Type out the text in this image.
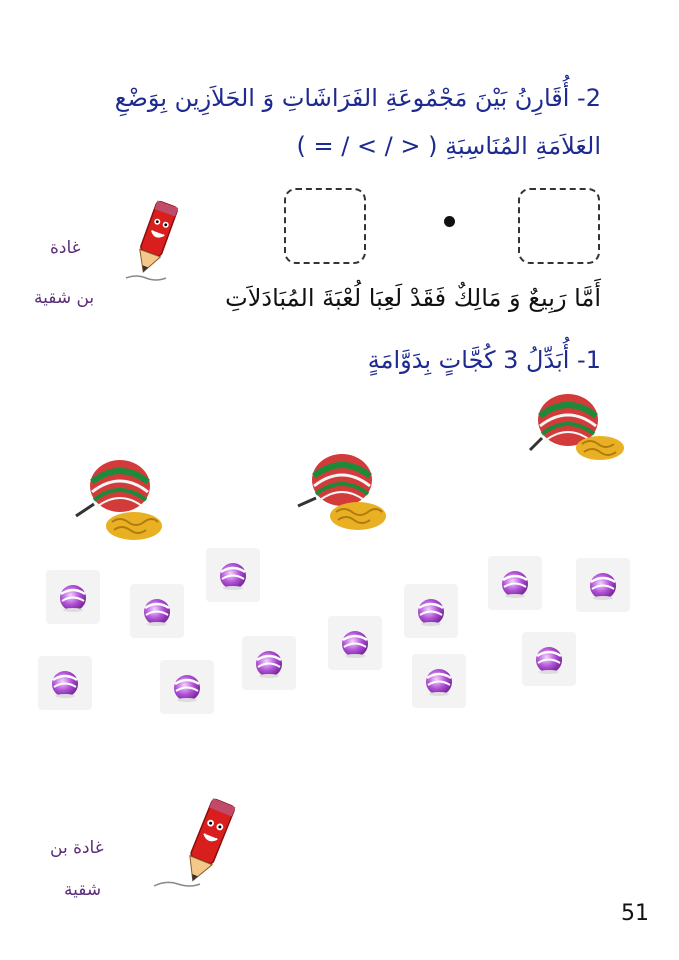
2- أُقَارِنُ بَيْنَ مَجْمُوعَةِ الفَرَاشَاتِ وَ الحَلاَزِين بِوَضْعِ
العَلاَمَةِ المُنَاسِبَةِ ( < / > / = )
غادة
بن شقية	أَمَّا رَبِيعٌ وَ مَالِكٌ فَقَدْ لَعِبَا لُعْبَةَ المُبَادَلاَتِ
1- أُبَدِّلُ 3 كُجَّاتٍ بِدَوَّامَةٍ
غادة بن
شقية
51
